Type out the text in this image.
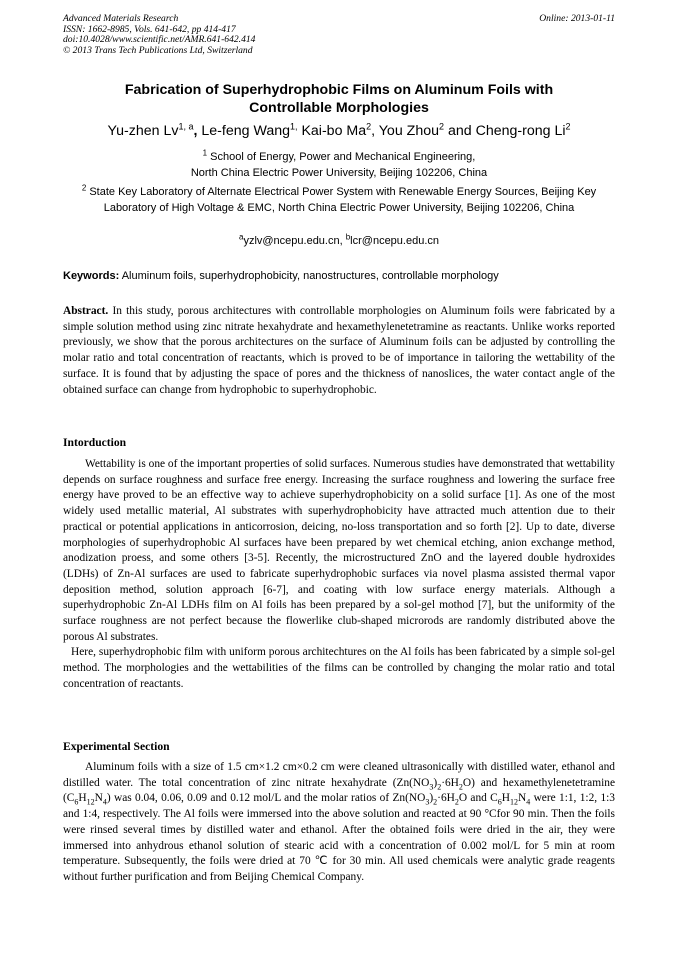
Advanced Materials Research
ISSN: 1662-8985, Vols. 641-642, pp 414-417
doi:10.4028/www.scientific.net/AMR.641-642.414
© 2013 Trans Tech Publications Ltd, Switzerland
Online: 2013-01-11
Fabrication of Superhydrophobic Films on Aluminum Foils with
Controllable Morphologies
Yu-zhen Lv$^{1, a}$, Le-feng Wang$^{1,}$ Kai-bo Ma$^2$, You Zhou$^2$ and Cheng-rong Li$^2$
$^1$ School of Energy, Power and Mechanical Engineering,
North China Electric Power University, Beijing 102206, China
$^2$ State Key Laboratory of Alternate Electrical Power System with Renewable Energy Sources, Beijing Key Laboratory of High Voltage & EMC, North China Electric Power University, Beijing 102206, China
$^a$yzlv@ncepu.edu.cn, $^b$lcr@ncepu.edu.cn
Keywords: Aluminum foils, superhydrophobicity, nanostructures, controllable morphology
Abstract. In this study, porous architectures with controllable morphologies on Aluminum foils were fabricated by a simple solution method using zinc nitrate hexahydrate and hexamethylenetetramine as reactants. Unlike works reported previously, we show that the porous architectures on the surface of Aluminum foils can be adjusted by controlling the molar ratio and total concentration of reactants, which is proved to be of importance in tailoring the wettability of the surface. It is found that by adjusting the space of pores and the thickness of nanoslices, the water contact angle of the obtained surface can change from hydrophobic to superhydrophobic.
Intorduction

Wettability is one of the important properties of solid surfaces. Numerous studies have demonstrated that wettability depends on surface roughness and surface free energy. Increasing the surface roughness and lowering the surface free energy have proved to be an effective way to achieve superhydrophobicity on a solid surface [1]. As one of the most widely used metallic material, Al substrates with superhydrophobicity have attracted much attention due to their practical or potential applications in anticorrosion, deicing, no-loss transportation and so forth [2]. Up to date, diverse morphologies of superhydrophobic Al surfaces have been prepared by wet chemical etching, anion exchange method, anodization proess, and some others [3-5]. Recently, the microstructured ZnO and the layered double hydroxides (LDHs) of Zn-Al surfaces are used to fabricate superhydrophobic surfaces via novel plasma assisted thermal vapor deposition method, solution approach [6-7], and coating with low surface energy materials. Although a superhydrophobic Zn-Al LDHs film on Al foils has been prepared by a sol-gel mothod [7], but the uniformity of the surface roughness are not perfect because the flowerlike club-shaped microrods are randomly distributed above the porous Al substrates.

Here, superhydrophobic film with uniform porous architechtures on the Al foils has been fabricated by a simple sol-gel method. The morphologies and the wettabilities of the films can be controlled by changing the molar ratio and total concentration of reactants.

Experimental Section

Aluminum foils with a size of 1.5 cm×1.2 cm×0.2 cm were cleaned ultrasonically with distilled water, ethanol and distilled water. The total concentration of zinc nitrate hexahydrate $(Zn(NO_3)_2\cdot 6H_2O)$ and hexamethylenetetramine $(C_6H_{12}N_4)$ was 0.04, 0.06, 0.09 and 0.12 mol/L and the molar ratios of $Zn(NO_3)_2\cdot 6H_2O$ and $C_6H_{12}N_4$ were 1:1, 1:2, 1:3 and 1:4, respectively. The Al foils were immersed into the above solution and reacted at 90 °Cfor 90 min. Then the foils were rinsed several times by distilled water and ethanol. After the obtained foils were dried in the air, they were immersed into anhydrous ethanol solution of stearic acid with a concentration of 0.002 mol/L for 5 min at room temperature. Subsequently, the foils were dried at 70 ℃ for 30 min. All used chemicals were analytic grade reagents without further purification and from Beijing Chemical Company.
